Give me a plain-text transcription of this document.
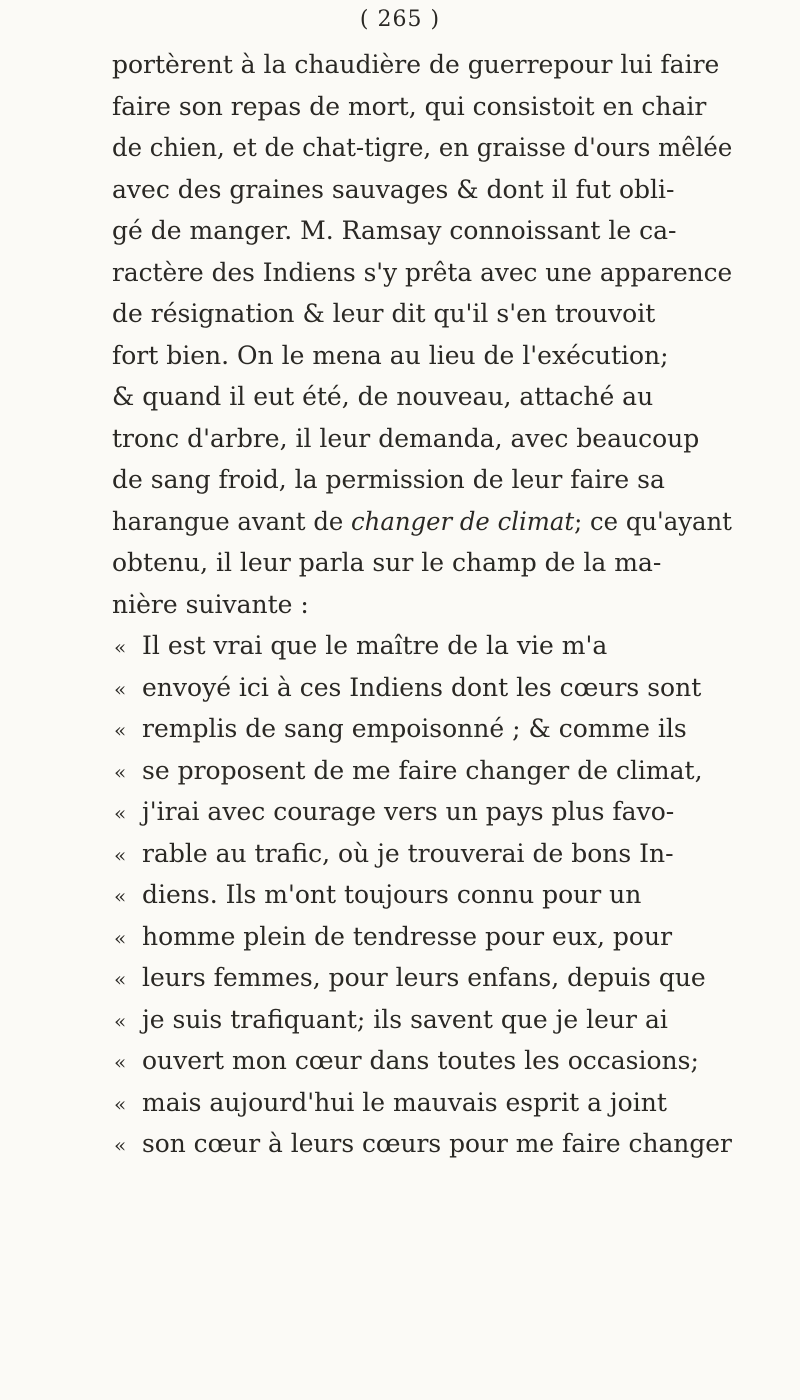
( 265 )
portèrent à la chaudière de guerrepour lui faire
faire son repas de mort, qui consistoit en chair
de chien, et de chat-tigre, en graisse d'ours mêlée
avec des graines sauvages & dont il fut obli-
gé de manger. M. Ramsay connoissant le ca-
ractère des Indiens s'y prêta avec une apparence
de résignation & leur dit qu'il s'en trouvoit
fort bien. On le mena au lieu de l'exécution;
& quand il eut été, de nouveau, attaché au
tronc d'arbre, il leur demanda, avec beaucoup
de sang froid, la permission de leur faire sa
harangue avant de changer de climat; ce qu'ayant
obtenu, il leur parla sur le champ de la ma-
nière suivante :
« Il est vrai que le maître de la vie m'a
« envoyé ici à ces Indiens dont les cœurs sont
« remplis de sang empoisonné ; & comme ils
« se proposent de me faire changer de climat,
« j'irai avec courage vers un pays plus favo-
« rable au trafic, où je trouverai de bons In-
« diens. Ils m'ont toujours connu pour un
« homme plein de tendresse pour eux, pour
« leurs femmes, pour leurs enfans, depuis que
« je suis trafiquant; ils savent que je leur ai
« ouvert mon cœur dans toutes les occasions;
« mais aujourd'hui le mauvais esprit a joint
« son cœur à leurs cœurs pour me faire changer
